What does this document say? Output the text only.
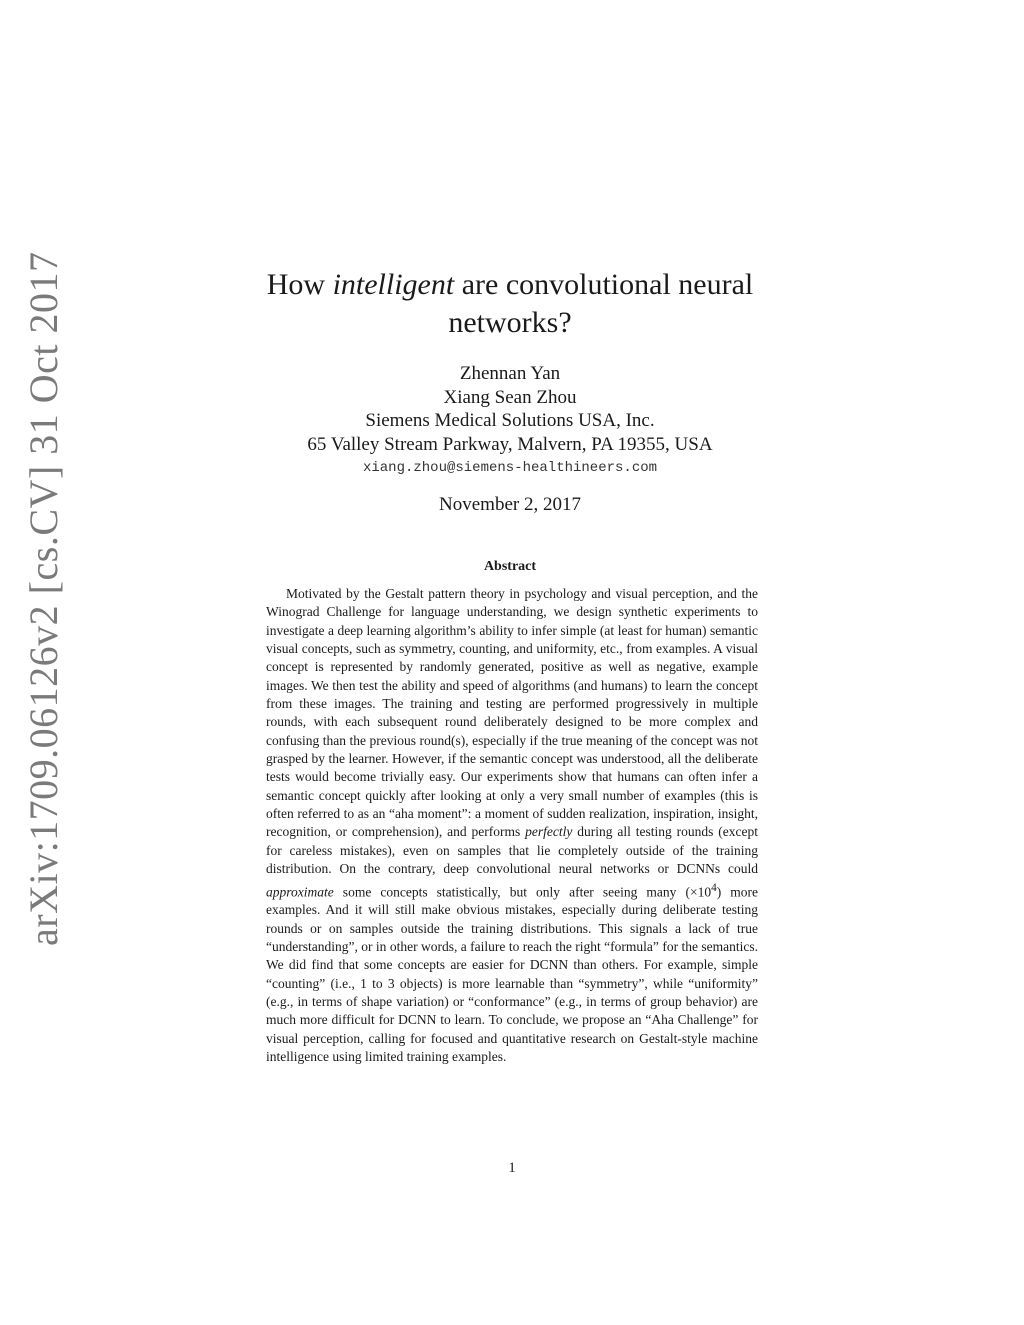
arXiv:1709.06126v2 [cs.CV] 31 Oct 2017	How intelligent are convolutional neural networks?
Zhennan Yan
Xiang Sean Zhou
Siemens Medical Solutions USA, Inc.
65 Valley Stream Parkway, Malvern, PA 19355, USA
xiang.zhou@siemens-healthineers.com
November 2, 2017
Abstract
Motivated by the Gestalt pattern theory in psychology and visual perception, and the Winograd Challenge for language understanding, we design synthetic experiments to investigate a deep learning algorithm’s ability to infer simple (at least for human) semantic visual concepts, such as symmetry, counting, and uniformity, etc., from examples. A visual concept is represented by randomly generated, positive as well as negative, example images. We then test the ability and speed of algorithms (and humans) to learn the concept from these images. The training and testing are performed progressively in multiple rounds, with each subsequent round deliberately designed to be more complex and confusing than the previous round(s), especially if the true meaning of the concept was not grasped by the learner. However, if the semantic concept was understood, all the deliberate tests would become trivially easy. Our experiments show that humans can often infer a semantic concept quickly after looking at only a very small number of examples (this is often referred to as an “aha moment”: a moment of sudden realization, inspiration, insight, recognition, or comprehension), and performs perfectly during all testing rounds (except for careless mistakes), even on samples that lie completely outside of the training distribution. On the contrary, deep convolutional neural networks or DCNNs could approximate some concepts statistically, but only after seeing many $(\times 10^4)$ more examples. And it will still make obvious mistakes, especially during deliberate testing rounds or on samples outside the training distributions. This signals a lack of true “understanding”, or in other words, a failure to reach the right “formula” for the semantics. We did find that some concepts are easier for DCNN than others. For example, simple “counting” (i.e., 1 to 3 objects) is more learnable than “symmetry”, while “uniformity” (e.g., in terms of shape variation) or “conformance” (e.g., in terms of group behavior) are much more difficult for DCNN to learn. To conclude, we propose an “Aha Challenge” for visual perception, calling for focused and quantitative research on Gestalt-style machine intelligence using limited training examples.
1
